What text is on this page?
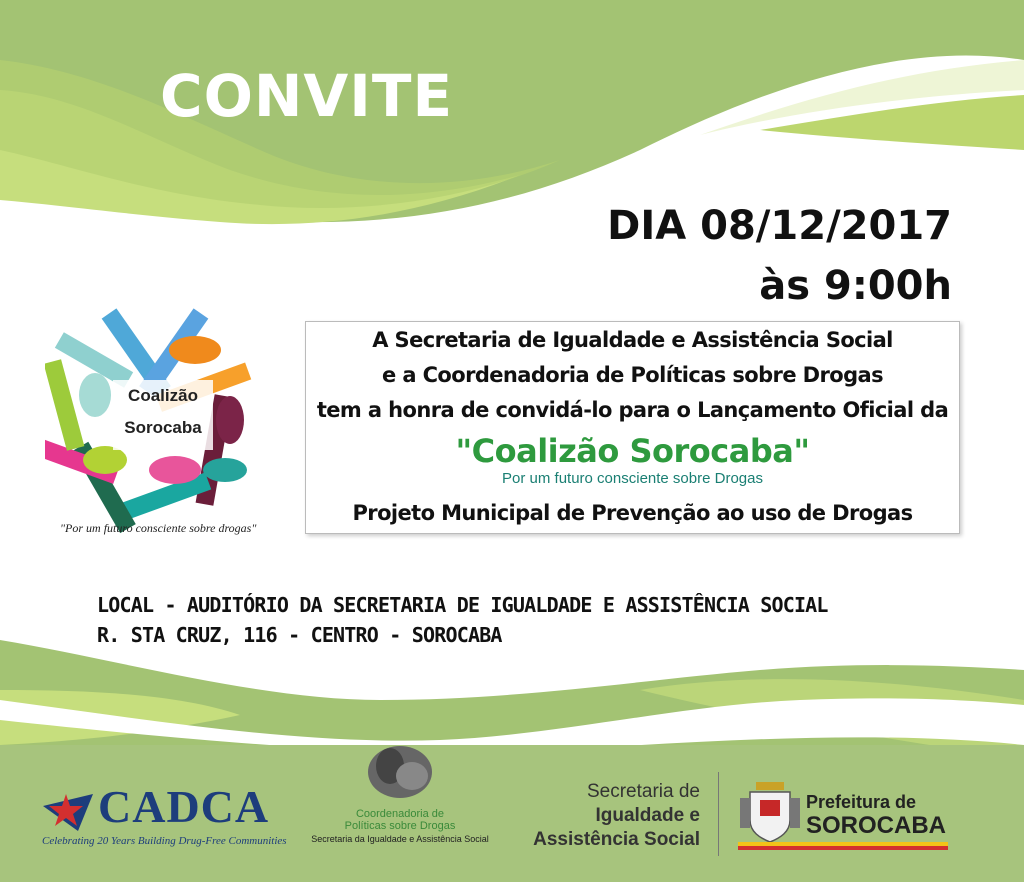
CONVITE
DIA 08/12/2017
às 9:00h
Coalizão
Sorocaba
"Por um futuro consciente sobre drogas"
A Secretaria de Igualdade e Assistência Social
e a Coordenadoria de Políticas sobre Drogas
tem a honra de convidá-lo para o Lançamento Oficial da
"Coalizão Sorocaba"
Por um futuro consciente sobre Drogas
Projeto Municipal de Prevenção ao uso de Drogas
LOCAL - AUDITÓRIO DA SECRETARIA DE IGUALDADE E ASSISTÊNCIA SOCIAL
R. STA CRUZ, 116 - CENTRO - SOROCABA
CADCA
Celebrating 20 Years Building Drug-Free Communities
Coordenadoria de
Políticas sobre Drogas
Secretaria da Igualdade e Assistência Social
Secretaria de
Igualdade e
Assistência Social
Prefeitura de
SOROCABA
